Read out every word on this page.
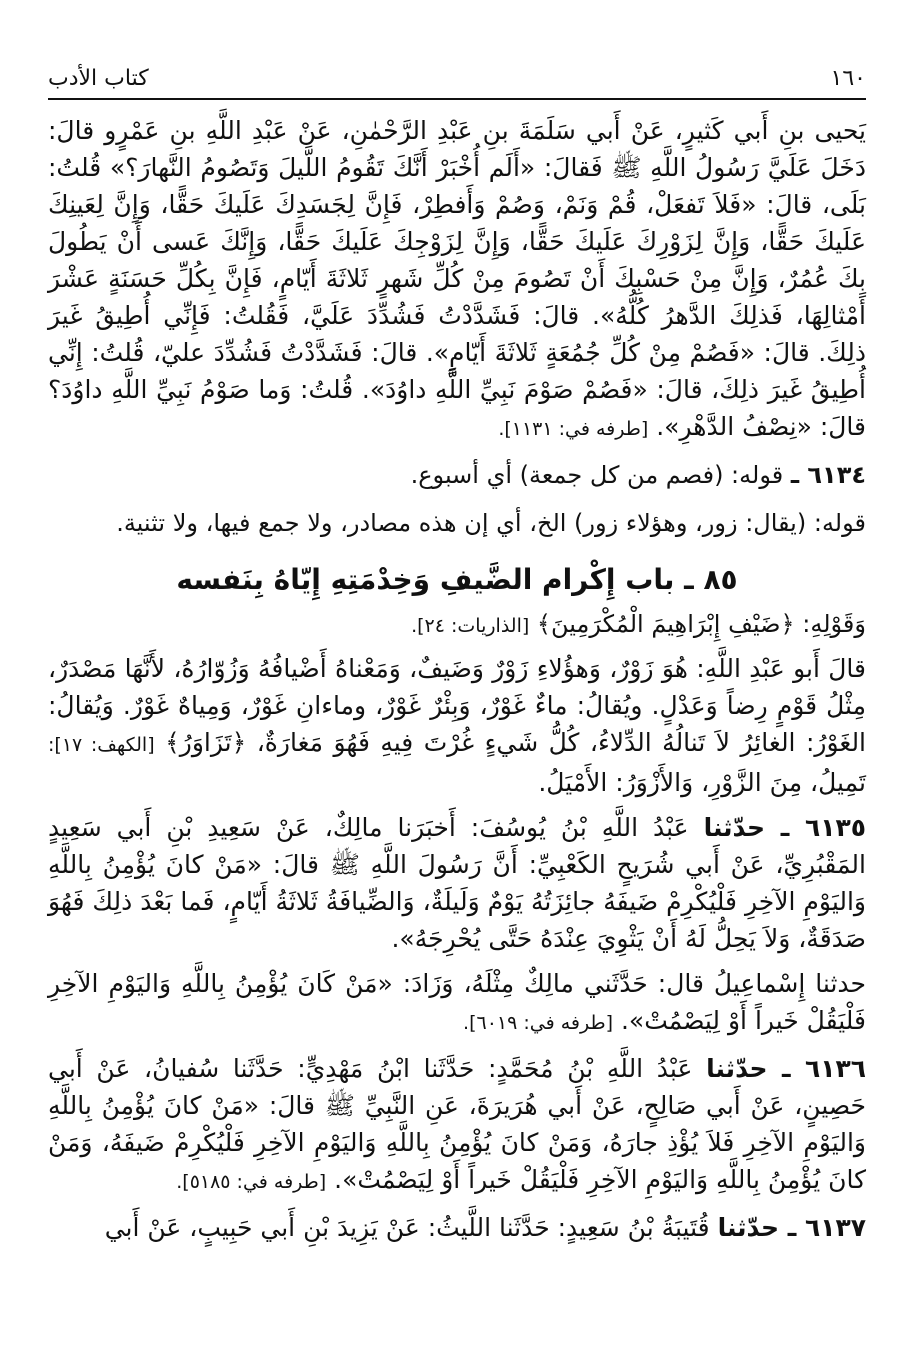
١٦٠
كتاب الأدب

يَحيى بنِ أَبي كَثيرٍ، عَنْ أَبي سَلَمَةَ بنِ عَبْدِ الرَّحْمٰنِ، عَنْ عَبْدِ اللَّهِ بنِ عَمْرٍو قالَ: دَخَلَ عَلَيَّ رَسُولُ اللَّهِ ﷺ فَقالَ: «أَلَم أُخْبَرْ أَنَّكَ تَقُومُ اللَّيلَ وَتَصُومُ النَّهارَ؟» قُلتُ: بَلَى، قالَ: «فَلاَ تَفعَلْ، قُمْ وَنَمْ، وَصُمْ وَأَفطِرْ، فَإِنَّ لِجَسَدِكَ عَلَيكَ حَقًّا، وَإِنَّ لِعَينِكَ عَلَيكَ حَقًّا، وَإِنَّ لِزَوْرِكَ عَلَيكَ حَقًّا، وَإِنَّ لِزَوْجِكَ عَلَيكَ حَقًّا، وَإِنَّكَ عَسى أَنْ يَطُولَ بِكَ عُمُرٌ، وَإِنَّ مِنْ حَسْبِكَ أَنْ تَصُومَ مِنْ كُلِّ شَهرٍ ثَلاثَةَ أَيّامٍ، فَإِنَّ بِكُلِّ حَسَنَةٍ عَشْرَ أَمْثالِهَا، فَذلِكَ الدَّهرُ كُلُّهُ». قالَ: فَشَدَّدْتُ فَشُدِّدَ عَلَيَّ، فَقُلتُ: فَإِنِّي أُطِيقُ غَيرَ ذلِكَ. قالَ: «فَصُمْ مِنْ كُلِّ جُمُعَةٍ ثَلاثَةَ أَيّامٍ». قالَ: فَشَدَّدْتُ فَشُدِّدَ عليّ، قُلتُ: إِنِّي أُطِيقُ غَيرَ ذلِكَ، قالَ: «فَصُمْ صَوْمَ نَبِيِّ اللَّهِ داوُدَ». قُلتُ: وَما صَوْمُ نَبِيِّ اللَّهِ داوُدَ؟ قالَ: «نِصْفُ الدَّهْرِ». [طرفه في: ١١٣١].

٦١٣٤ ـ قوله: (فصم من كل جمعة) أي أسبوع.

قوله: (يقال: زور، وهؤلاء زور) الخ، أي إن هذه مصادر، ولا جمع فيها، ولا تثنية.

٨٥ ـ باب إِكْرام الضَّيفِ وَخِدْمَتِهِ إِيّاهُ بِنَفسه

وَقَوْلِهِ: ﴿ضَيْفِ إِبْرَاهِيمَ الْمُكْرَمِينَ﴾ [الذاريات: ٢٤].

قالَ أَبو عَبْدِ اللَّهِ: هُوَ زَوْرٌ، وَهؤُلاءِ زَوْرٌ وَضَيفٌ، وَمَعْناهُ أَضْيافُهُ وَزُوّارُهُ، لأَنَّهَا مَصْدَرٌ، مِثْلُ قَوْمٍ رِضاً وَعَدْلٍ. ويُقالُ: ماءٌ غَوْرٌ، وَبِئْرٌ غَوْرٌ، وماءانِ غَوْرٌ، وَمِياهٌ غَوْرٌ. وَيُقالُ: الغَوْرُ: الغائِرُ لاَ تَنالُهُ الدِّلاءُ، كُلُّ شَيءٍ غُرْتَ فِيهِ فَهُوَ مَغارَةٌ، ﴿تَزَاوَرُ﴾ [الكهف: ١٧]: تَمِيلُ، مِنَ الزَّوْرِ، وَالأَزْوَرُ: الأَمْيَلُ.

٦١٣٥ ـ حدّثنا عَبْدُ اللَّهِ بْنُ يُوسُفَ: أَخبَرَنا مالِكٌ، عَنْ سَعِيدِ بْنِ أَبي سَعِيدٍ المَقْبُرِيِّ، عَنْ أَبي شُرَيحٍ الكَعْبِيِّ: أَنَّ رَسُولَ اللَّهِ ﷺ قالَ: «مَنْ كانَ يُؤْمِنُ بِاللَّهِ وَاليَوْمِ الآخِرِ فَلْيُكْرِمْ ضَيفَهُ جائِزَتُهُ يَوْمٌ وَلَيلَةٌ، وَالضِّيافَةُ ثَلاثَةُ أَيّامٍ، فَما بَعْدَ ذلِكَ فَهُوَ صَدَقَةٌ، وَلاَ يَحِلُّ لَهُ أَنْ يَثْوِيَ عِنْدَهُ حَتَّى يُحْرِجَهُ».

حدثنا إِسْماعِيلُ قال: حَدَّثَني مالِكٌ مِثْلَهُ، وَزَادَ: «مَنْ كَانَ يُؤْمِنُ بِاللَّهِ وَاليَوْمِ الآخِرِ فَلْيَقُلْ خَيراً أَوْ لِيَصْمُتْ». [طرفه في: ٦٠١٩].

٦١٣٦ ـ حدّثنا عَبْدُ اللَّهِ بْنُ مُحَمَّدٍ: حَدَّثَنا ابْنُ مَهْدِيٍّ: حَدَّثَنا سُفيانُ، عَنْ أَبي حَصِينٍ، عَنْ أَبي صَالِحٍ، عَنْ أَبي هُرَيرَةَ، عَنِ النَّبِيِّ ﷺ قالَ: «مَنْ كانَ يُؤْمِنُ بِاللَّهِ وَاليَوْمِ الآخِرِ فَلاَ يُؤْذِ جارَهُ، وَمَنْ كانَ يُؤْمِنُ بِاللَّهِ وَاليَوْمِ الآخِرِ فَلْيُكْرِمْ ضَيفَهُ، وَمَنْ كانَ يُؤْمِنُ بِاللَّهِ وَاليَوْمِ الآخِرِ فَلْيَقُلْ خَيراً أَوْ لِيَصْمُتْ». [طرفه في: ٥١٨٥].

٦١٣٧ ـ حدّثنا قُتَيبَةُ بْنُ سَعِيدٍ: حَدَّثَنا اللَّيثُ: عَنْ يَزِيدَ بْنِ أَبي حَبِيبٍ، عَنْ أَبي
